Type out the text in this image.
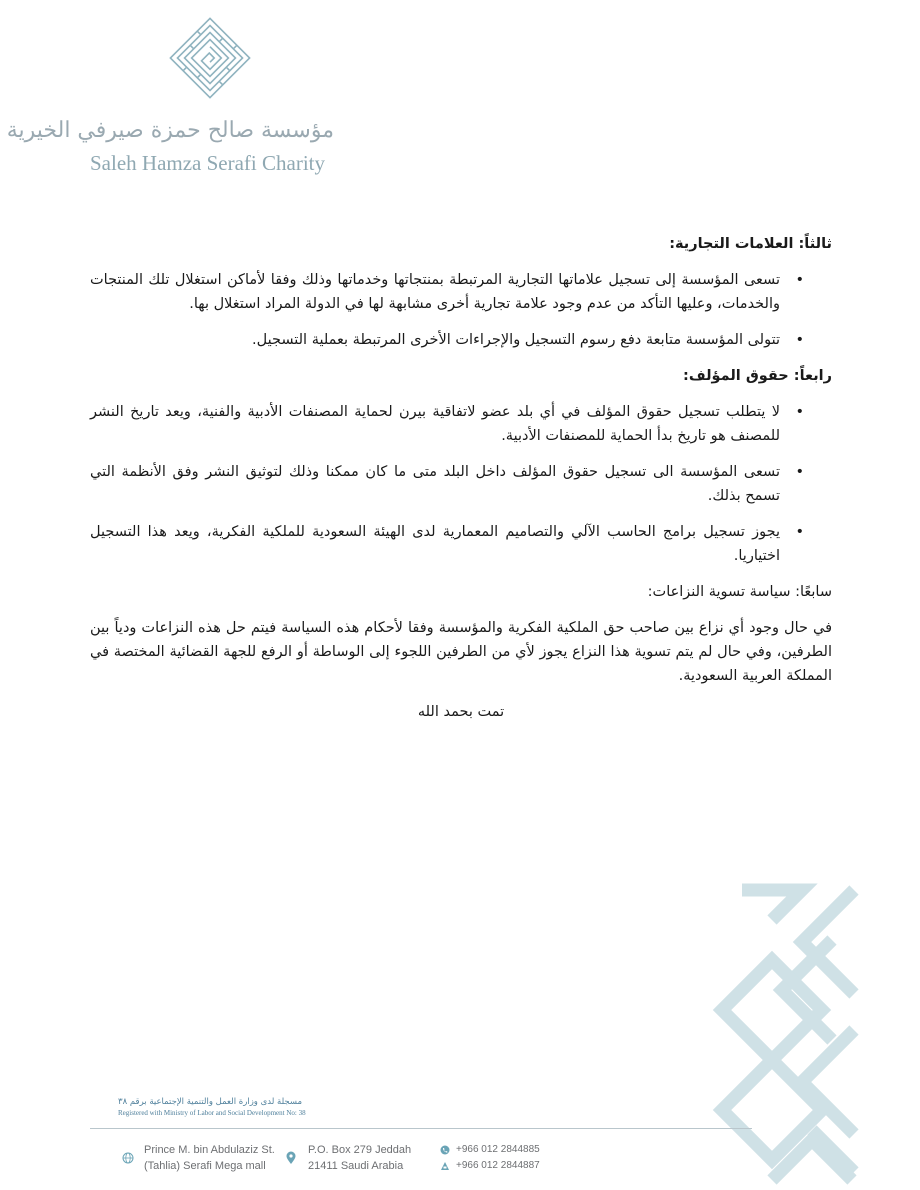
مؤسسة صالح حمزة صيرفي الخيرية
Saleh Hamza Serafi Charity
ثالثاً: العلامات التجارية:
•
تسعى المؤسسة إلى تسجيل علاماتها التجارية المرتبطة بمنتجاتها وخدماتها وذلك وفقا لأماكن استغلال تلك المنتجات والخدمات، وعليها التأكد من عدم وجود علامة تجارية أخرى مشابهة لها في الدولة المراد استغلال بها.
•
تتولى المؤسسة متابعة دفع رسوم التسجيل والإجراءات الأخرى المرتبطة بعملية التسجيل.
رابعاً: حقوق المؤلف:
•
لا يتطلب تسجيل حقوق المؤلف في أي بلد عضو لاتفاقية بيرن لحماية المصنفات الأدبية والفنية، ويعد تاريخ النشر للمصنف هو تاريخ بدأ الحماية للمصنفات الأدبية.
•
تسعى المؤسسة الى تسجيل حقوق المؤلف داخل البلد متى ما كان ممكنا وذلك لتوثيق النشر وفق الأنظمة التي تسمح بذلك.
•
يجوز تسجيل برامج الحاسب الآلي والتصاميم المعمارية لدى الهيئة السعودية للملكية الفكرية، ويعد هذا التسجيل اختياريا.
سابعًا: سياسة تسوية النزاعات:

في حال وجود أي نزاع بين صاحب حق الملكية الفكرية والمؤسسة وفقا لأحكام هذه السياسة فيتم حل هذه النزاعات ودياً بين الطرفين، وفي حال لم يتم تسوية هذا النزاع يجوز لأي من الطرفين اللجوء إلى الوساطة أو الرفع للجهة القضائية المختصة في المملكة العربية السعودية.

تمت بحمد الله
مسجلة لدى وزارة العمل والتنمية الإجتماعية برقم ٣٨
Registered with Ministry of Labor and Social Development No: 38
Prince M. bin Abdulaziz St.
(Tahlia) Serafi Mega mall
P.O. Box 279 Jeddah
21411 Saudi Arabia
+966 012 2844885
+966 012 2844887
